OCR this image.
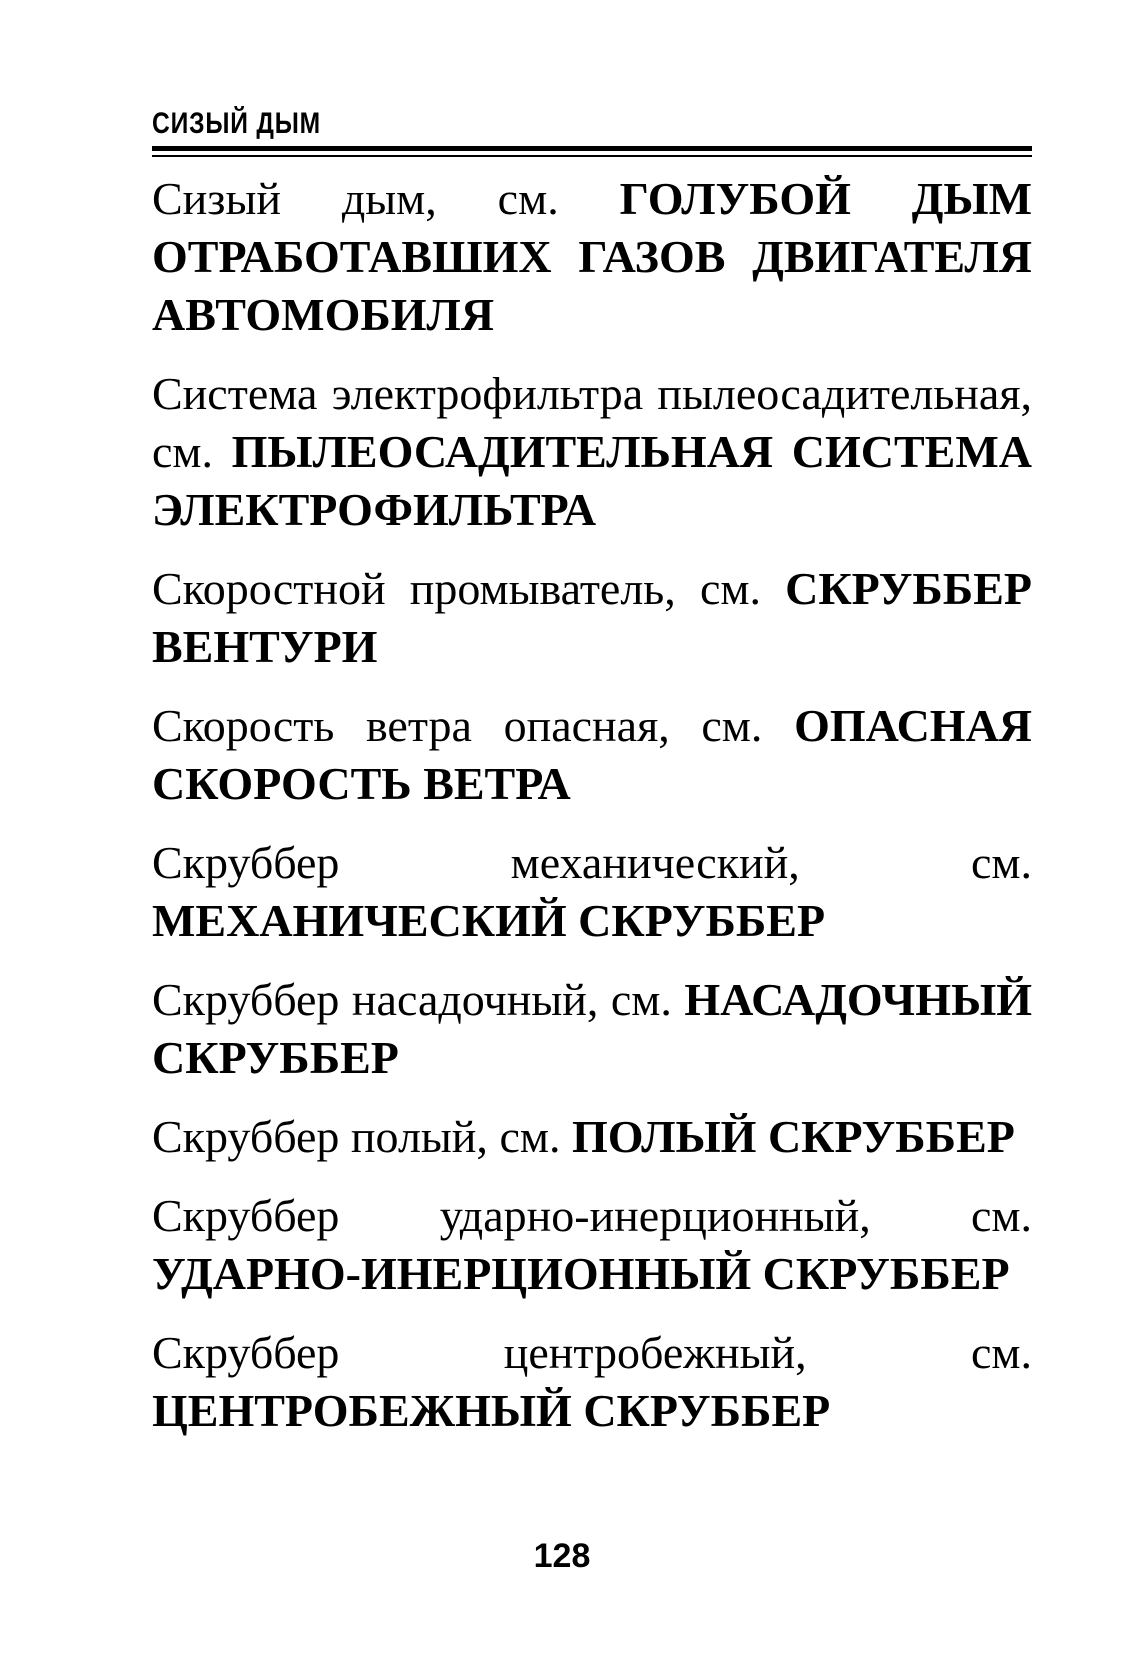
СИЗЫЙ ДЫМ

Сизый дым, см. ГОЛУБОЙ ДЫМ ОТРАБОТАВШИХ ГАЗОВ ДВИГАТЕЛЯ АВТОМОБИЛЯ

Система электрофильтра пылеосадительная, см. ПЫЛЕОСАДИТЕЛЬНАЯ СИСТЕМА ЭЛЕКТРОФИЛЬТРА

Скоростной промыватель, см. СКРУББЕР ВЕНТУРИ

Скорость ветра опасная, см. ОПАСНАЯ СКОРОСТЬ ВЕТРА

Скруббер механический,	см. МЕХАНИЧЕСКИЙ СКРУББЕР

Скруббер насадочный, см. НАСАДОЧНЫЙ СКРУББЕР

Скруббер полый, см. ПОЛЫЙ СКРУББЕР

Скруббер ударно-инерционный, см. УДАРНО-ИНЕРЦИОННЫЙ СКРУББЕР

Скруббер центробежный,	см. ЦЕНТРОБЕЖНЫЙ СКРУББЕР

128
